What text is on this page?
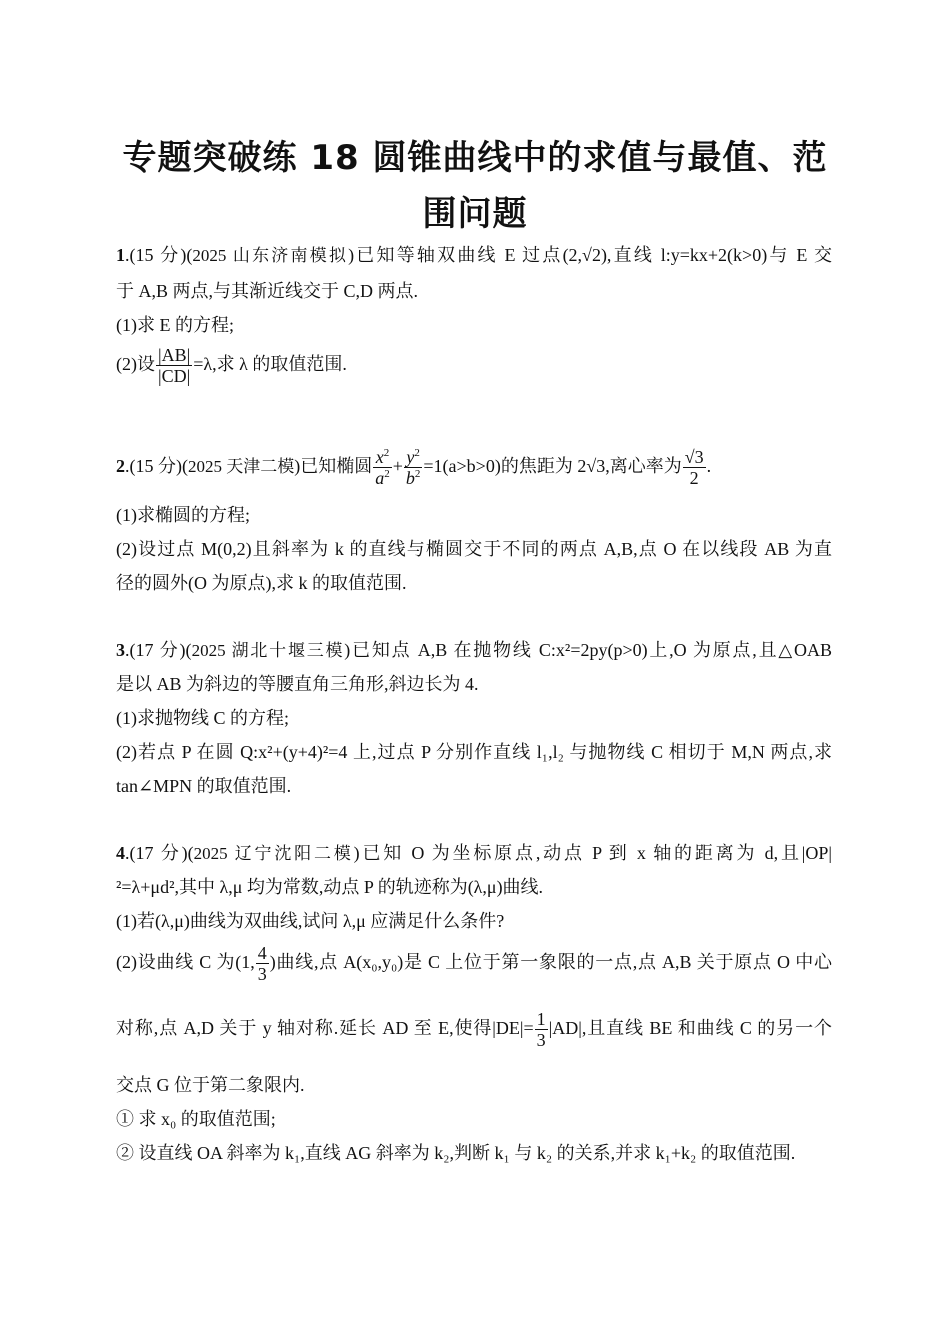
专题突破练 18 圆锥曲线中的求值与最值、范
围问题

1.(15 分)(2025 山东济南模拟)已知等轴双曲线 E 过点(2,√2),直线 l:y=kx+2(k>0)与 E 交

于 A,B 两点,与其渐近线交于 C,D 两点.

(1)求 E 的方程;

(2)设 $\frac{|AB|}{|CD|} =\lambda$,求 λ 的取值范围.

2.(15 分)(2025 天津二模)已知椭圆 $\frac{x^2}{a^2} + \frac{y^2}{b^2} =1(a>b>0)$的焦距为 2√3,离心率为 $\frac{√3}{2}$ .

(1)求椭圆的方程;

(2)设过点 M(0,2)且斜率为 k 的直线与椭圆交于不同的两点 A,B,点 O 在以线段 AB 为直

径的圆外(O 为原点),求 k 的取值范围.

3.(17 分)(2025 湖北十堰三模)已知点 A,B 在抛物线 C:x²=2py(p>0)上,O 为原点,且△OAB

是以 AB 为斜边的等腰直角三角形,斜边长为 4.

(1)求抛物线 C 的方程;

(2)若点 P 在圆 Q:x²+(y+4)²=4 上,过点 P 分别作直线 l₁,l₂ 与抛物线 C 相切于 M,N 两点,求

tan∠MPN 的取值范围.

4.(17 分)(2025 辽宁沈阳二模)已知 O 为坐标原点,动点 P 到 x 轴的距离为 d,且|OP|

²=λ+μd²,其中 λ,μ 均为常数,动点 P 的轨迹称为(λ,μ)曲线.

(1)若(λ,μ)曲线为双曲线,试问 λ,μ 应满足什么条件?

(2)设曲线 C 为(1, $\frac{4}{3}$ )曲线,点 A(x₀,y₀)是 C 上位于第一象限的一点,点 A,B 关于原点 O 中心

对称,点 A,D 关于 y 轴对称.延长 AD 至 E,使得$|DE|= \frac{1}{3} |AD|$,且直线 BE 和曲线 C 的另一个

交点 G 位于第二象限内.

① 求 x₀ 的取值范围;

② 设直线 OA 斜率为 k₁,直线 AG 斜率为 k₂,判断 k₁ 与 k₂ 的关系,并求 k₁+k₂ 的取值范围.
